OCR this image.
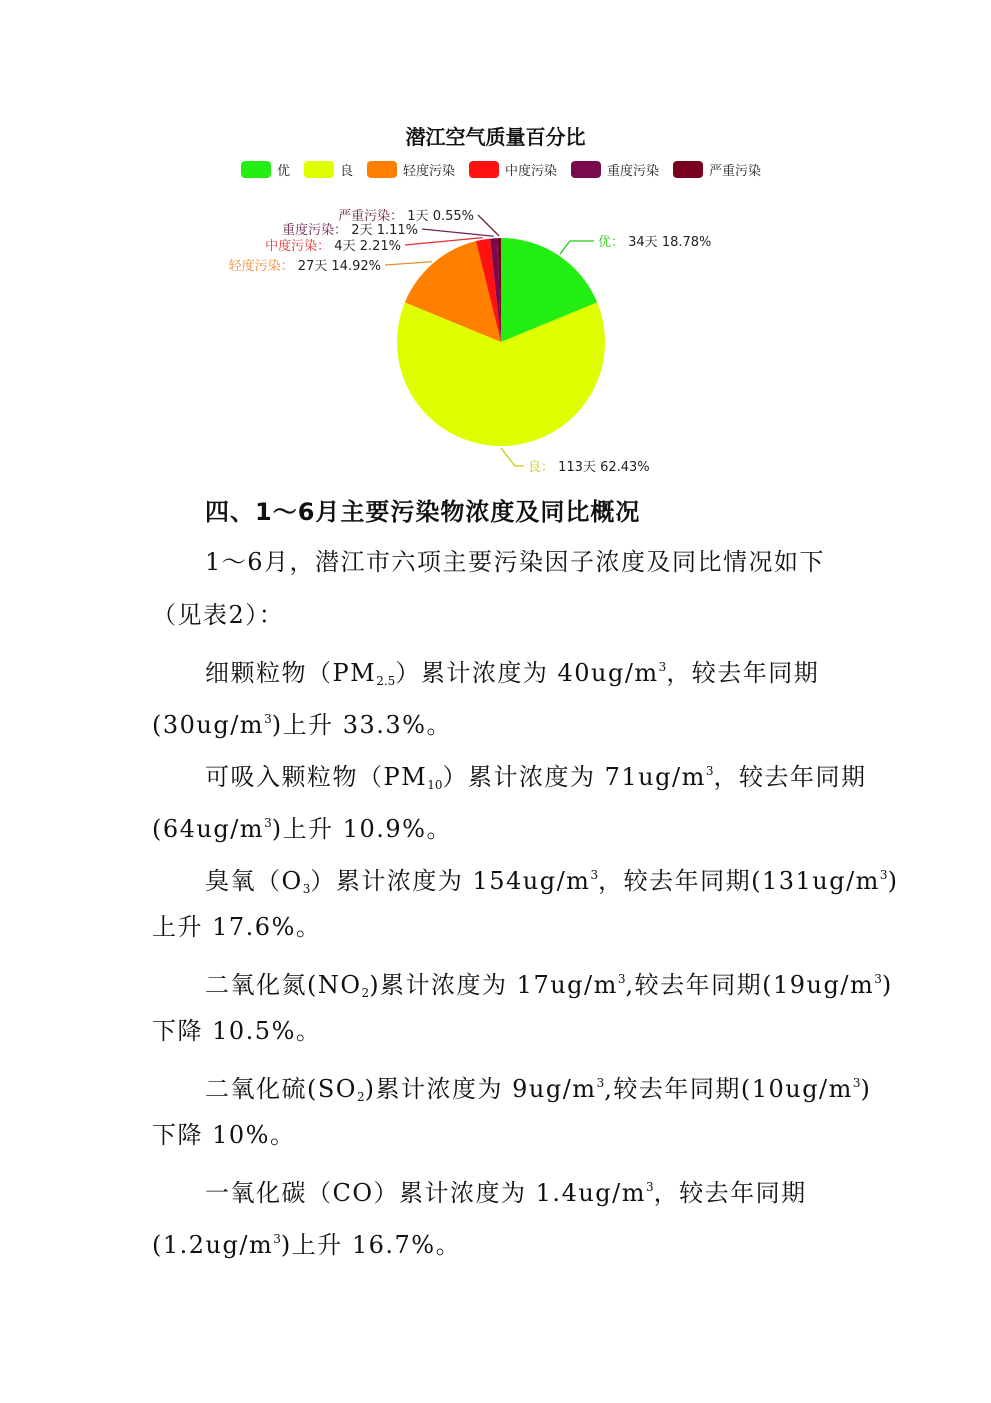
潜江空气质量百分比
优	良	轻度污染	中度污染	重度污染	严重污染
优： 34天 18.78%
良： 113天 62.43%
轻度污染： 27天 14.92%
中度污染： 4天 2.21%
重度污染： 2天 1.11%
严重污染： 1天 0.55%

四、1～6月主要污染物浓度及同比概况

1～6月，潜江市六项主要污染因子浓度及同比情况如下

（见表2）：

细颗粒物$(PM_{2.5})$累计浓度为 $40ug/m^3$，较去年同期

$(30ug/m^3)$上升 33.3%。

可吸入颗粒物$(PM_{10})$累计浓度为 $71ug/m^3$，较去年同期

$(64ug/m^3)$上升 10.9%。

臭氧$(O_3)$累计浓度为 $154ug/m^3$，较去年同期$(131ug/m^3)$

上升 17.6%。

二氧化氮$(NO_2)$累计浓度为 $17ug/m^3$,较去年同期$(19ug/m^3)$

下降 10.5%。

二氧化硫$(SO_2)$累计浓度为 $9ug/m^3$,较去年同期$(10ug/m^3)$

下降 10%。

一氧化碳（CO）累计浓度为 $1.4ug/m^3$，较去年同期

$(1.2ug/m^3)$上升 16.7%。
